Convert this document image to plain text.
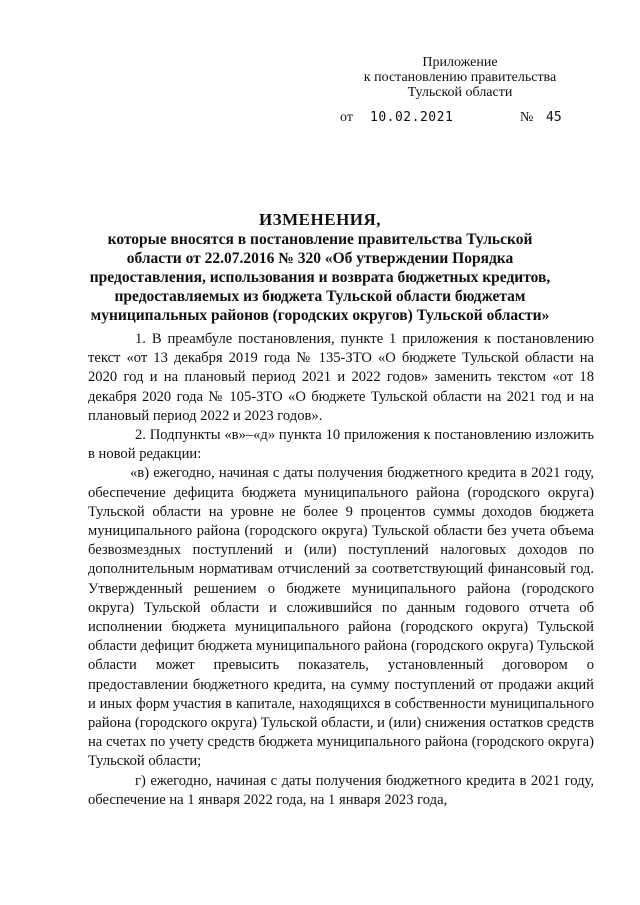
Приложение
к постановлению правительства
Тульской области
от 10.02.2021	№ 45
ИЗМЕНЕНИЯ,
которые вносятся в постановление правительства Тульской области от 22.07.2016 № 320 «Об утверждении Порядка предоставления, использования и возврата бюджетных кредитов, предоставляемых из бюджета Тульской области бюджетам муниципальных районов (городских округов) Тульской области»

1. В преамбуле постановления, пункте 1 приложения к постановлению текст «от 13 декабря 2019 года № 135-ЗТО «О бюджете Тульской области на 2020 год и на плановый период 2021 и 2022 годов» заменить текстом «от 18 декабря 2020 года № 105-ЗТО «О бюджете Тульской области на 2021 год и на плановый период 2022 и 2023 годов».

2. Подпункты «в»–«д» пункта 10 приложения к постановлению изложить в новой редакции:

«в) ежегодно, начиная с даты получения бюджетного кредита в 2021 году, обеспечение дефицита бюджета муниципального района (городского округа) Тульской области на уровне не более 9 процентов суммы доходов бюджета муниципального района (городского округа) Тульской области без учета объема безвозмездных поступлений и (или) поступлений налоговых доходов по дополнительным нормативам отчислений за соответствующий финансовый год. Утвержденный решением о бюджете муниципального района (городского округа) Тульской области и сложившийся по данным годового отчета об исполнении бюджета муниципального района (городского округа) Тульской области дефицит бюджета муниципального района (городского округа) Тульской области может превысить показатель, установленный договором о предоставлении бюджетного кредита, на сумму поступлений от продажи акций и иных форм участия в капитале, находящихся в собственности муниципального района (городского округа) Тульской области, и (или) снижения остатков средств на счетах по учету средств бюджета муниципального района (городского округа) Тульской области;

г) ежегодно, начиная с даты получения бюджетного кредита в 2021 году, обеспечение на 1 января 2022 года, на 1 января 2023 года,
